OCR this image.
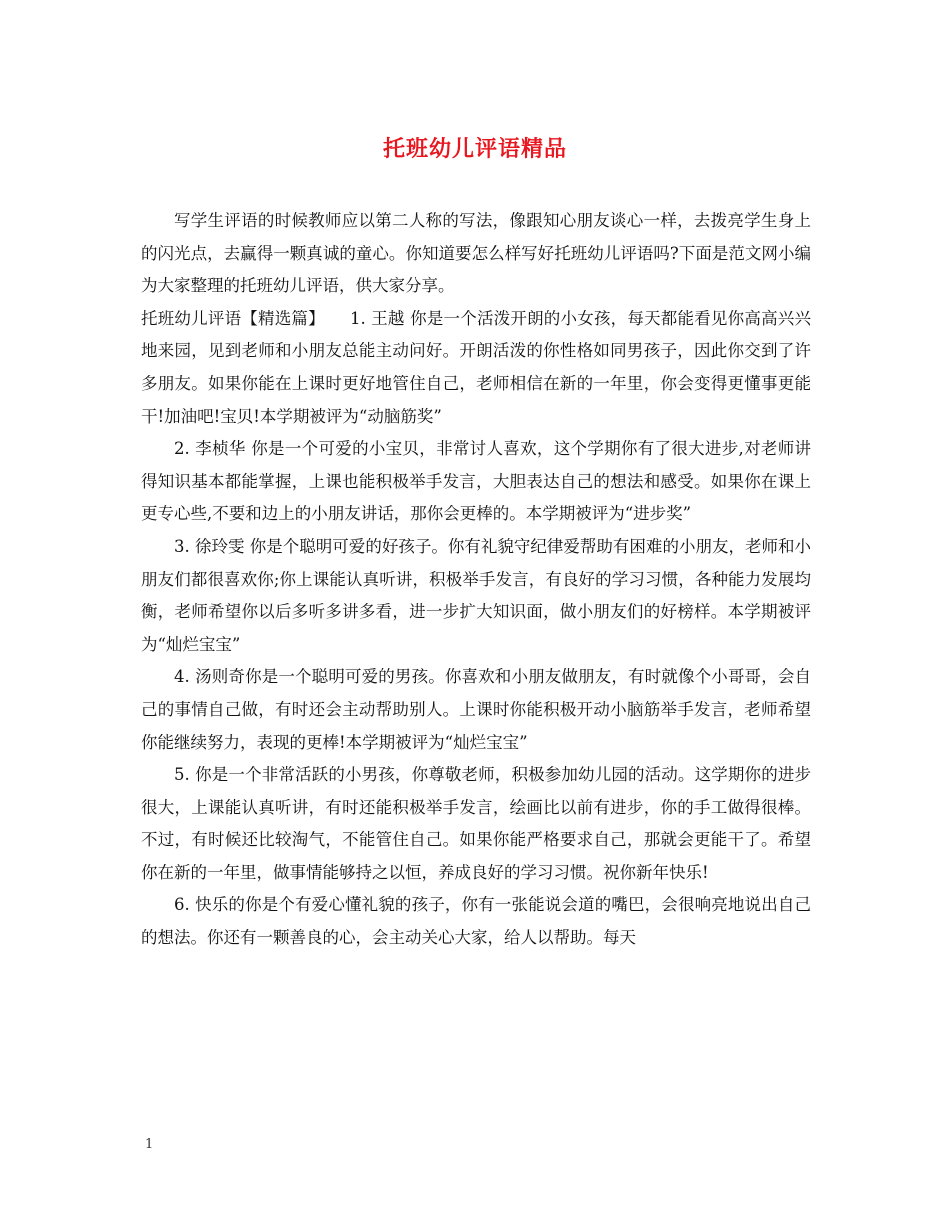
托班幼儿评语精品

写学生评语的时候教师应以第二人称的写法，像跟知心朋友谈心一样，去拨亮学生身上的闪光点，去赢得一颗真诚的童心。你知道要怎么样写好托班幼儿评语吗?下面是范文网小编为大家整理的托班幼儿评语，供大家分享。

托班幼儿评语【精选篇】　　1. 王越 你是一个活泼开朗的小女孩，每天都能看见你高高兴兴地来园，见到老师和小朋友总能主动问好。开朗活泼的你性格如同男孩子，因此你交到了许多朋友。如果你能在上课时更好地管住自己，老师相信在新的一年里，你会变得更懂事更能干!加油吧!宝贝!本学期被评为“动脑筋奖”

2. 李桢华 你是一个可爱的小宝贝，非常讨人喜欢，这个学期你有了很大进步,对老师讲得知识基本都能掌握，上课也能积极举手发言，大胆表达自己的想法和感受。如果你在课上更专心些,不要和边上的小朋友讲话，那你会更棒的。本学期被评为“进步奖”

3. 徐玲雯 你是个聪明可爱的好孩子。你有礼貌守纪律爱帮助有困难的小朋友，老师和小朋友们都很喜欢你;你上课能认真听讲，积极举手发言，有良好的学习习惯，各种能力发展均衡，老师希望你以后多听多讲多看，进一步扩大知识面，做小朋友们的好榜样。本学期被评为“灿烂宝宝”

4. 汤则奇你是一个聪明可爱的男孩。你喜欢和小朋友做朋友，有时就像个小哥哥，会自己的事情自己做，有时还会主动帮助别人。上课时你能积极开动小脑筋举手发言，老师希望你能继续努力，表现的更棒!本学期被评为“灿烂宝宝”

5. 你是一个非常活跃的小男孩，你尊敬老师，积极参加幼儿园的活动。这学期你的进步很大，上课能认真听讲，有时还能积极举手发言，绘画比以前有进步，你的手工做得很棒。不过，有时候还比较淘气，不能管住自己。如果你能严格要求自己，那就会更能干了。希望你在新的一年里，做事情能够持之以恒，养成良好的学习习惯。祝你新年快乐!

6. 快乐的你是个有爱心懂礼貌的孩子，你有一张能说会道的嘴巴，会很响亮地说出自己的想法。你还有一颗善良的心，会主动关心大家，给人以帮助。每天

1
